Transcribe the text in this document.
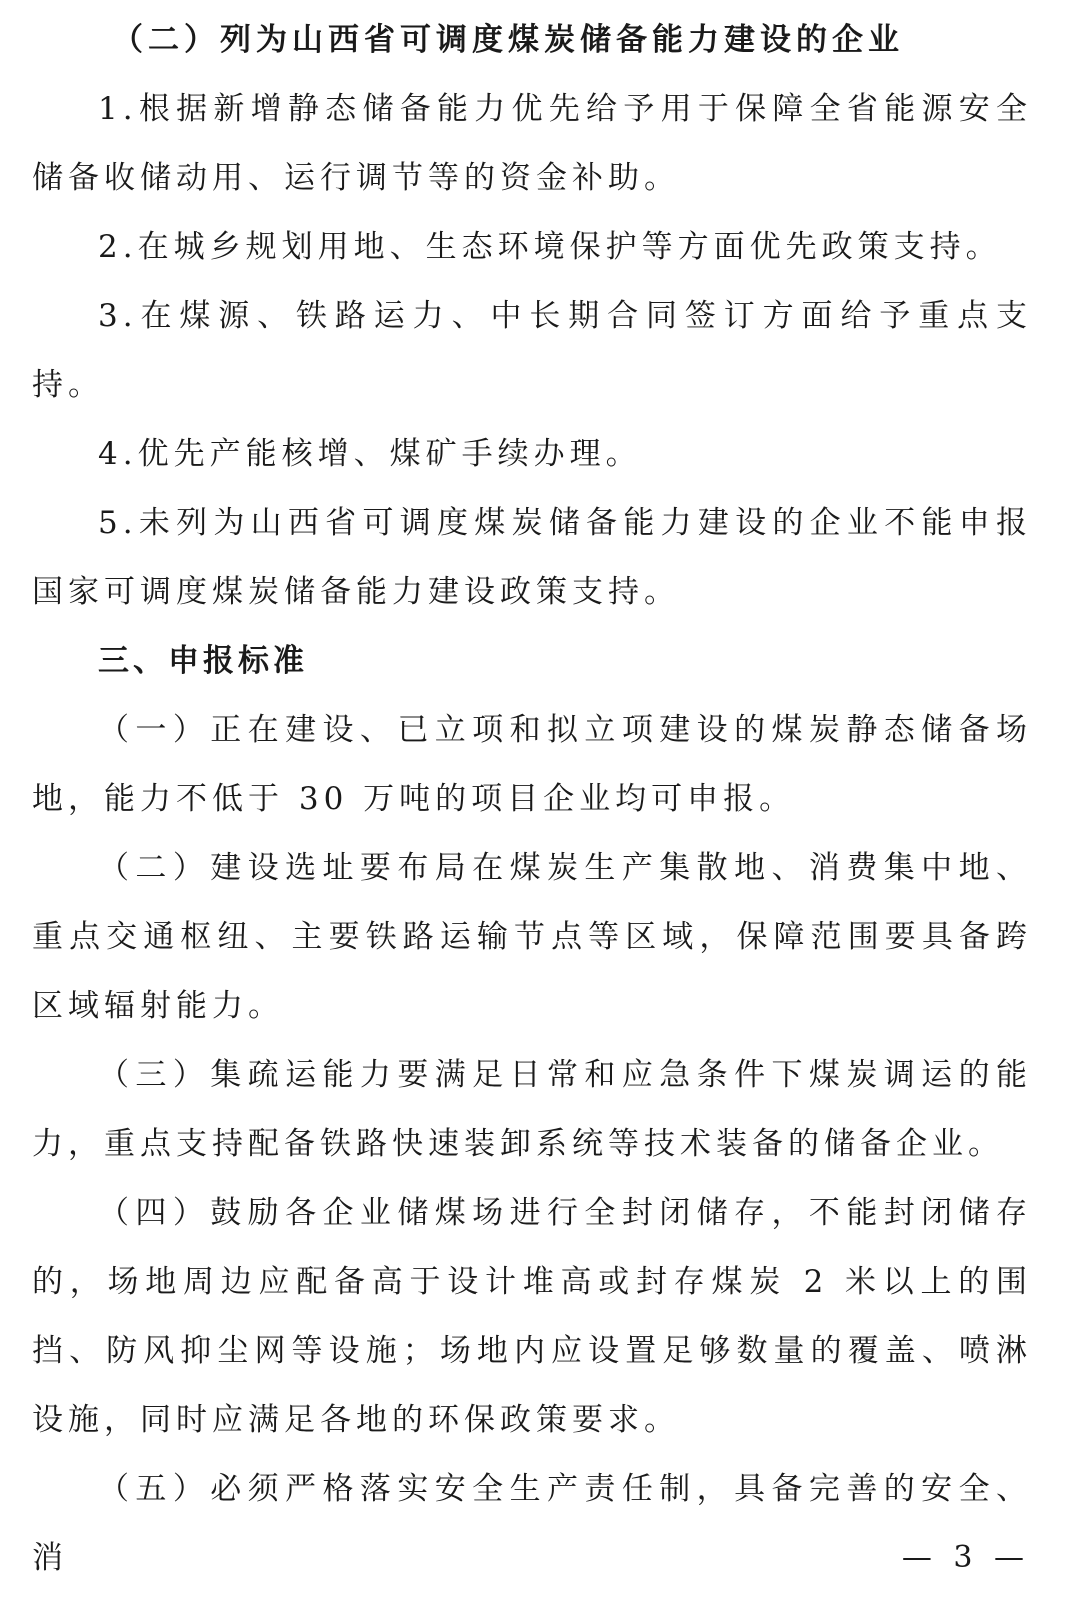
（二）列为山西省可调度煤炭储备能力建设的企业

1.根据新增静态储备能力优先给予用于保障全省能源安全储备收储动用、运行调节等的资金补助。

2.在城乡规划用地、生态环境保护等方面优先政策支持。

3.在煤源、铁路运力、中长期合同签订方面给予重点支持。

4.优先产能核增、煤矿手续办理。

5.未列为山西省可调度煤炭储备能力建设的企业不能申报国家可调度煤炭储备能力建设政策支持。

三、申报标准

（一）正在建设、已立项和拟立项建设的煤炭静态储备场地，能力不低于 30 万吨的项目企业均可申报。

（二）建设选址要布局在煤炭生产集散地、消费集中地、重点交通枢纽、主要铁路运输节点等区域，保障范围要具备跨区域辐射能力。

（三）集疏运能力要满足日常和应急条件下煤炭调运的能力，重点支持配备铁路快速装卸系统等技术装备的储备企业。

（四）鼓励各企业储煤场进行全封闭储存，不能封闭储存的，场地周边应配备高于设计堆高或封存煤炭 2 米以上的围挡、防风抑尘网等设施；场地内应设置足够数量的覆盖、喷淋设施，同时应满足各地的环保政策要求。

（五）必须严格落实安全生产责任制，具备完善的安全、消	— 3 —
